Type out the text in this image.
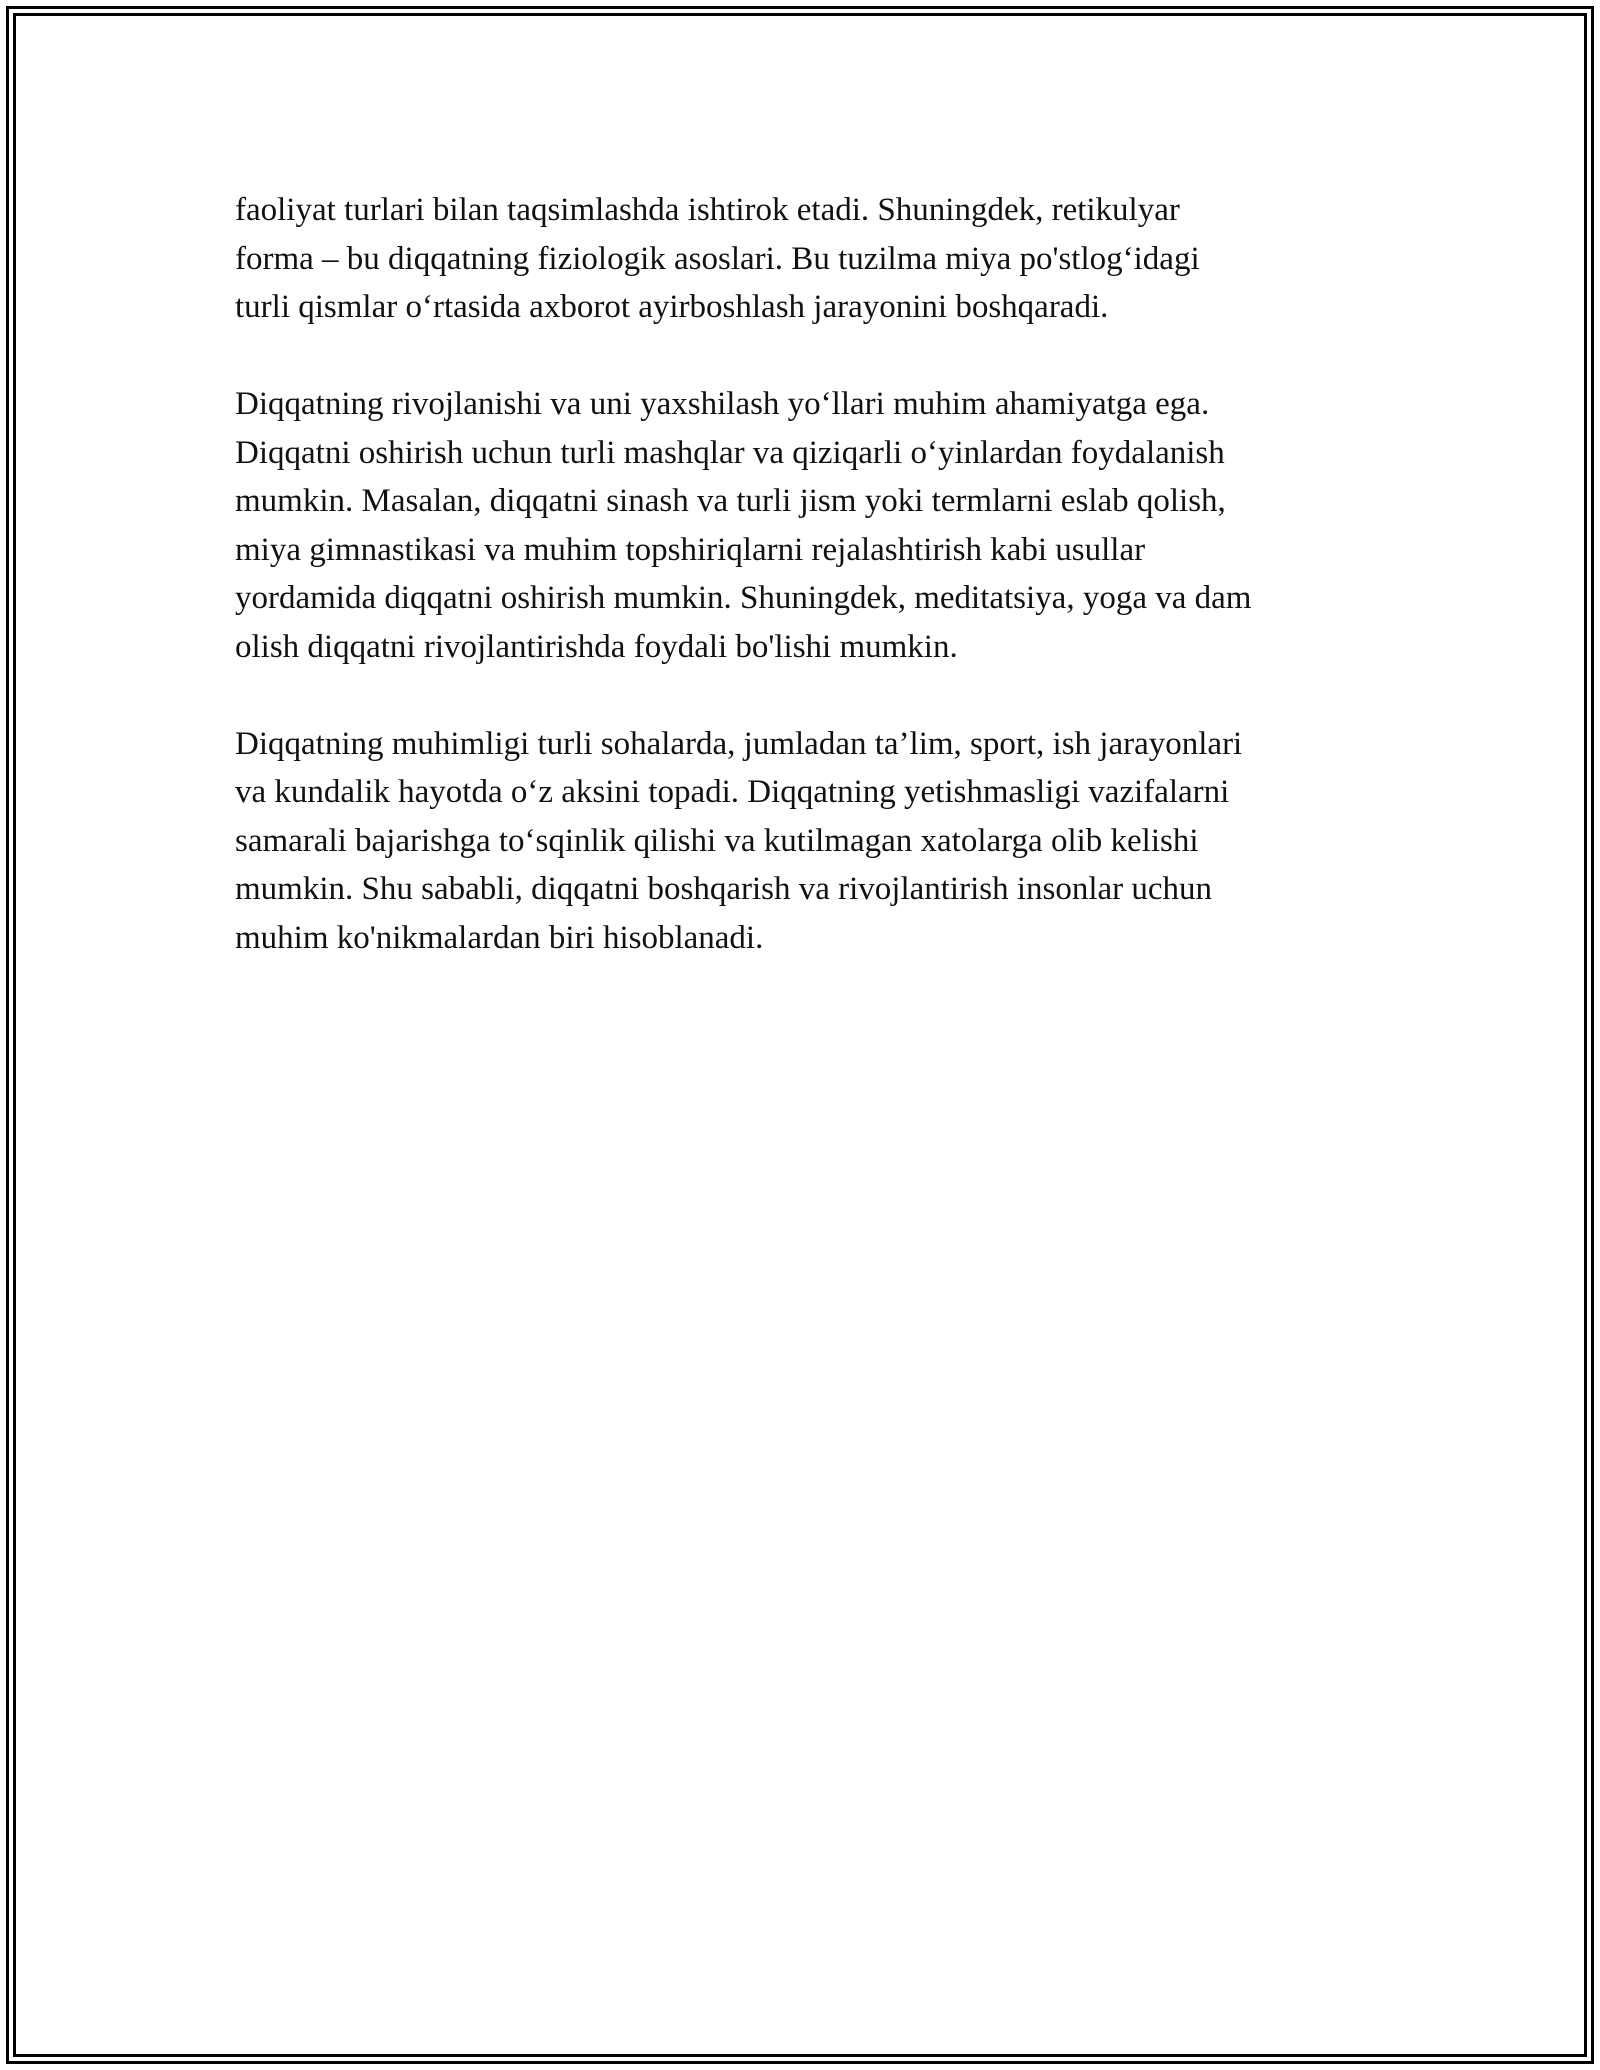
faoliyat turlari bilan taqsimlashda ishtirok etadi. Shuningdek, retikulyar
forma – bu diqqatning fiziologik asoslari. Bu tuzilma miya po'stlog‘idagi
turli qismlar o‘rtasida axborot ayirboshlash jarayonini boshqaradi.

Diqqatning rivojlanishi va uni yaxshilash yo‘llari muhim ahamiyatga ega.
Diqqatni oshirish uchun turli mashqlar va qiziqarli o‘yinlardan foydalanish
mumkin. Masalan, diqqatni sinash va turli jism yoki termlarni eslab qolish,
miya gimnastikasi va muhim topshiriqlarni rejalashtirish kabi usullar
yordamida diqqatni oshirish mumkin. Shuningdek, meditatsiya, yoga va dam
olish diqqatni rivojlantirishda foydali bo'lishi mumkin.

Diqqatning muhimligi turli sohalarda, jumladan ta’lim, sport, ish jarayonlari
va kundalik hayotda o‘z aksini topadi. Diqqatning yetishmasligi vazifalarni
samarali bajarishga to‘sqinlik qilishi va kutilmagan xatolarga olib kelishi
mumkin. Shu sababli, diqqatni boshqarish va rivojlantirish insonlar uchun
muhim ko'nikmalardan biri hisoblanadi.
